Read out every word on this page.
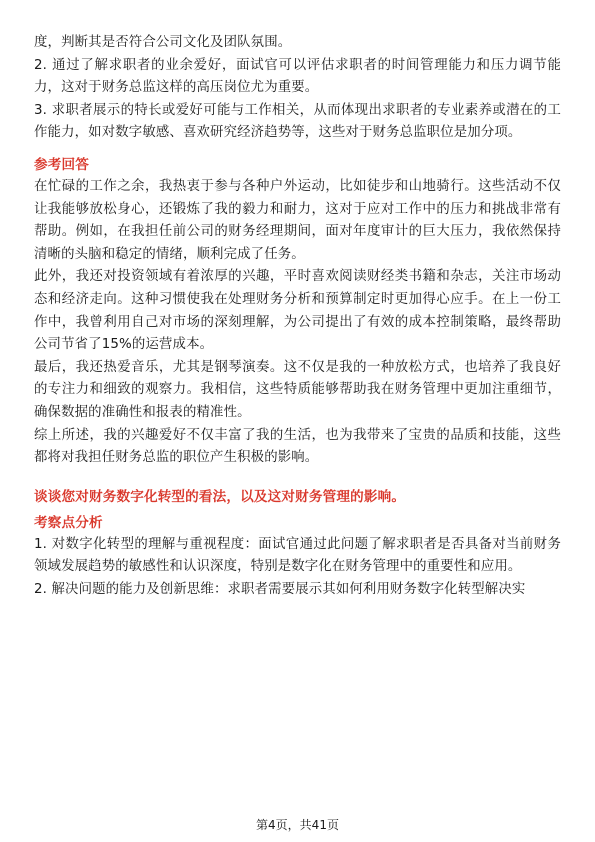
度，判断其是否符合公司文化及团队氛围。

2. 通过了解求职者的业余爱好，面试官可以评估求职者的时间管理能力和压力调节能力，这对于财务总监这样的高压岗位尤为重要。

3. 求职者展示的特长或爱好可能与工作相关，从而体现出求职者的专业素养或潜在的工作能力，如对数字敏感、喜欢研究经济趋势等，这些对于财务总监职位是加分项。

参考回答

在忙碌的工作之余，我热衷于参与各种户外运动，比如徒步和山地骑行。这些活动不仅让我能够放松身心，还锻炼了我的毅力和耐力，这对于应对工作中的压力和挑战非常有帮助。例如，在我担任前公司的财务经理期间，面对年度审计的巨大压力，我依然保持清晰的头脑和稳定的情绪，顺利完成了任务。

此外，我还对投资领域有着浓厚的兴趣，平时喜欢阅读财经类书籍和杂志，关注市场动态和经济走向。这种习惯使我在处理财务分析和预算制定时更加得心应手。在上一份工作中，我曾利用自己对市场的深刻理解，为公司提出了有效的成本控制策略，最终帮助公司节省了15%的运营成本。

最后，我还热爱音乐，尤其是钢琴演奏。这不仅是我的一种放松方式，也培养了我良好的专注力和细致的观察力。我相信，这些特质能够帮助我在财务管理中更加注重细节，确保数据的准确性和报表的精准性。

综上所述，我的兴趣爱好不仅丰富了我的生活，也为我带来了宝贵的品质和技能，这些都将对我担任财务总监的职位产生积极的影响。

谈谈您对财务数字化转型的看法，以及这对财务管理的影响。

考察点分析

1. 对数字化转型的理解与重视程度：面试官通过此问题了解求职者是否具备对当前财务领域发展趋势的敏感性和认识深度，特别是数字化在财务管理中的重要性和应用。

2. 解决问题的能力及创新思维：求职者需要展示其如何利用财务数字化转型解决实

第4页，共41页
